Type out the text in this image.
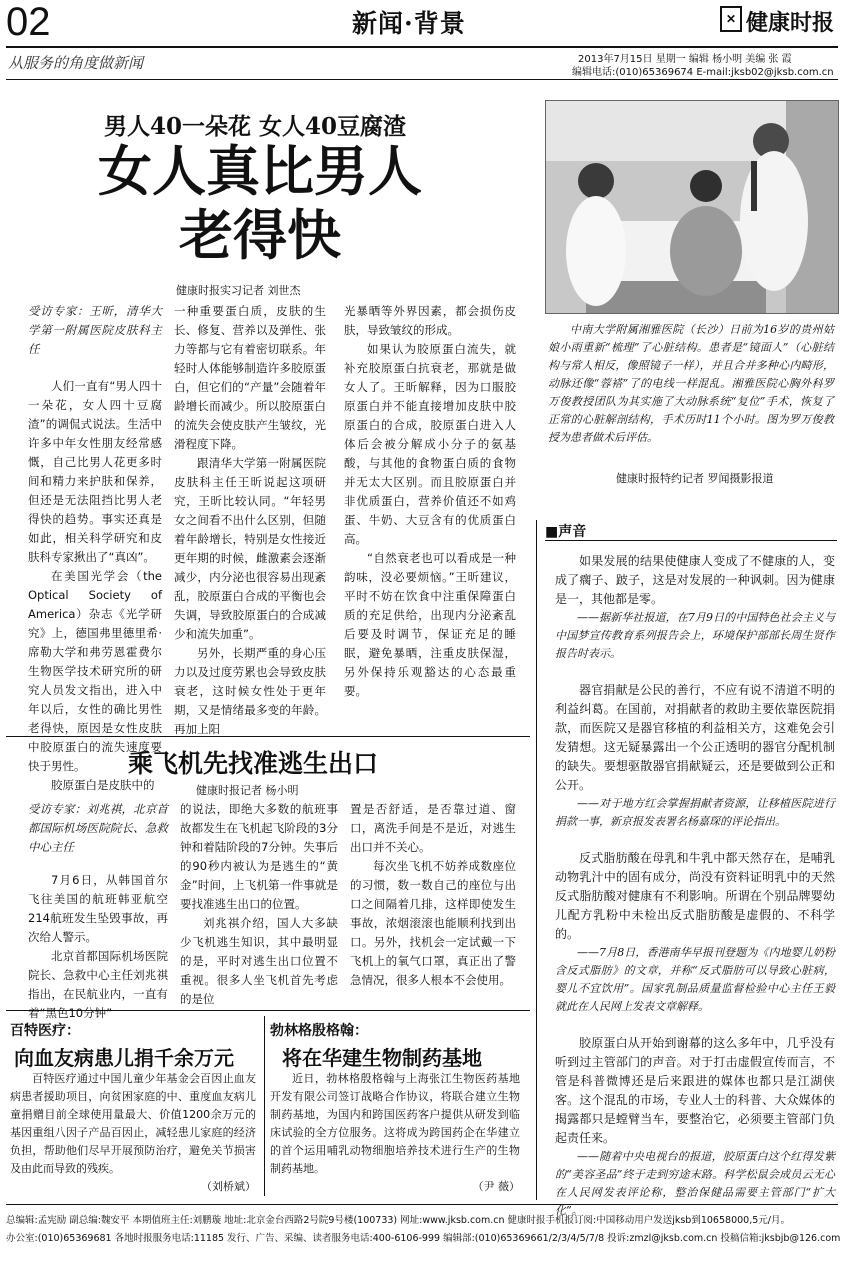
02	新闻·背景	✕ 健康时报
从服务的角度做新闻	2013年7月15日 星期一 编辑 杨小明 美编 张 霞
编辑电话:(010)65369674 E-mail:jksb02@jksb.com.cn
男人40一朵花 女人40豆腐渣
女人真比男人
老得快
健康时报实习记者 刘世杰

受访专家：王昕，清华大学第一附属医院皮肤科主任

人们一直有“男人四十一朵花，女人四十豆腐渣”的调侃式说法。生活中许多中年女性朋友经常感慨，自己比男人花更多时间和精力来护肤和保养，但还是无法阻挡比男人老得快的趋势。事实还真是如此，相关科学研究和皮肤科专家揪出了“真凶”。

在美国光学会（the Optical Society of America）杂志《光学研究》上，德国弗里德里希·席勒大学和弗劳恩霍费尔生物医学技术研究所的研究人员发文指出，进入中年以后，女性的确比男性老得快，原因是女性皮肤中胶原蛋白的流失速度要快于男性。

胶原蛋白是皮肤中的

一种重要蛋白质，皮肤的生长、修复、营养以及弹性、张力等都与它有着密切联系。年轻时人体能够制造许多胶原蛋白，但它们的“产量”会随着年龄增长而减少。所以胶原蛋白的流失会使皮肤产生皱纹，光滑程度下降。

跟清华大学第一附属医院皮肤科主任王昕说起这项研究，王昕比较认同。“年轻男女之间看不出什么区别，但随着年龄增长，特别是女性接近更年期的时候，雌激素会逐渐减少，内分泌也很容易出现紊乱，胶原蛋白合成的平衡也会失调，导致胶原蛋白的合成减少和流失加重”。

另外，长期严重的身心压力以及过度劳累也会导致皮肤衰老，这时候女性处于更年期，又是情绪最多变的年龄。再加上阳

光暴晒等外界因素，都会损伤皮肤，导致皱纹的形成。

如果认为胶原蛋白流失，就补充胶原蛋白抗衰老，那就是做女人了。王昕解释，因为口服胶原蛋白并不能直接增加皮肤中胶原蛋白的合成，胶原蛋白进入人体后会被分解成小分子的氨基酸，与其他的食物蛋白质的食物并无太大区别。而且胶原蛋白并非优质蛋白，营养价值还不如鸡蛋、牛奶、大豆含有的优质蛋白高。

“自然衰老也可以看成是一种韵味，没必要烦恼。”王昕建议，平时不妨在饮食中注重保障蛋白质的充足供给，出现内分泌紊乱后要及时调节，保证充足的睡眠，避免暴晒，注重皮肤保湿，另外保持乐观豁达的心态最重要。

中南大学附属湘雅医院（长沙）日前为16岁的贵州姑娘小雨重新“梳理”了心脏结构。患者是“镜面人”（心脏结构与常人相反，像照镜子一样），并且合并多种心内畸形，动脉还像“蓉褡”了的电线一样混乱。湘雅医院心胸外科罗万俊教授团队为其实施了大动脉系统“复位”手术，恢复了正常的心脏解剖结构，手术历时11个小时。图为罗万俊教授为患者做术后评估。

健康时报特约记者 罗闻摄影报道
■声音

如果发展的结果使健康人变成了不健康的人，变成了瘸子、跛子，这是对发展的一种讽刺。因为健康是一，其他都是零。

——据新华社报道，在7月9日的中国特色社会主义与中国梦宣传教育系列报告会上，环境保护部部长周生贤作报告时表示。

器官捐献是公民的善行，不应有说不清道不明的利益纠葛。在国前，对捐献者的救助主要依靠医院捐款，而医院又是器官移植的利益相关方，这难免会引发猜想。这无疑暴露出一个公正透明的器官分配机制的缺失。要想驱散器官捐献疑云，还是要做到公正和公开。

——对于地方红会掌握捐献者资源，让移植医院进行捐款一事，新京报发表署名杨嘉琛的评论指出。

反式脂肪酸在母乳和牛乳中都天然存在，是哺乳动物乳汁中的固有成分，尚没有资料证明乳中的天然反式脂肪酸对健康有不利影响。所谓在个别品牌婴幼儿配方乳粉中未检出反式脂肪酸是虚假的、不科学的。

——7月8日，香港南华早报刊登题为《内地婴儿奶粉含反式脂肪》的文章，并称“反式脂肪可以导致心脏病，婴儿不宜饮用”。国家乳制品质量监督检验中心主任王毅就此在人民网上发表文章解释。

胶原蛋白从开始到谢幕的这么多年中，几乎没有听到过主管部门的声音。对于打击虚假宣传而言，不管是科普微博还是后来跟进的媒体也都只是江湖侠客。这个混乱的市场，专业人士的科普、大众媒体的揭露都只是螳臂当车，要整治它，必须要主管部门负起责任来。

——随着中央电视台的报道，胶原蛋白这个红得发紫的“美容圣品”终于走到穷途末路。科学松鼠会成员云无心在人民网发表评论称，整治保健品需要主管部门“扩大化”。

乘飞机先找准逃生出口
健康时报记者 杨小明

受访专家：刘兆祺，北京首都国际机场医院院长、急救中心主任

7月6日，从韩国首尔飞往美国的航班韩亚航空214航班发生坠毁事故，再次给人警示。

北京首都国际机场医院院长、急救中心主任刘兆祺指出，在民航业内，一直有着“黑色10分钟”

的说法，即绝大多数的航班事故都发生在飞机起飞阶段的3分钟和着陆阶段的7分钟。失事后的90秒内被认为是逃生的“黄金”时间，上飞机第一件事就是要找准逃生出口的位置。

刘兆祺介绍，国人大多缺少飞机逃生知识，其中最明显的是，平时对逃生出口位置不重视。很多人坐飞机首先考虑的是位

置是否舒适，是否靠过道、窗口，离洗手间是不是近，对逃生出口并不关心。

每次坐飞机不妨养成数座位的习惯，数一数自己的座位与出口之间隔着几排，这样即使发生事故，浓烟滚滚也能顺利找到出口。另外，找机会一定试戴一下飞机上的氧气口罩，真正出了警急情况，很多人根本不会使用。

百特医疗：
向血友病患儿捐千余万元

百特医疗通过中国儿童少年基金会百因止血友病患者援助项目，向贫困家庭的中、重度血友病儿童捐赠目前全球使用量最大、价值1200余万元的基因重组八因子产品百因止，减轻患儿家庭的经济负担，帮助他们尽早开展预防治疗，避免关节损害及由此而导致的残疾。

（刘桥斌）
勃林格殷格翰：
将在华建生物制药基地

近日，勃林格殷格翰与上海张江生物医药基地开发有限公司签订战略合作协议，将联合建立生物制药基地，为国内和跨国医药客户提供从研发到临床试验的全方位服务。这将成为跨国药企在华建立的首个运用哺乳动物细胞培养技术进行生产的生物制药基地。

（尹 薇）
总编辑:孟宪励 副总编:魏安平 本期值班主任:刘鹏璇 地址:北京金台西路2号院9号楼(100733) 网址:www.jksb.com.cn 健康时报手机报订阅:中国移动用户发送jksb到10658000,5元/月。
办公室:(010)65369681 各地时报服务电话:11185 发行、广告、采编、读者服务电话:400-6106-999 编辑部:(010)65369661/2/3/4/5/7/8 投诉:zmzl@jksb.com.cn 投稿信箱:jksbjb@126.com
